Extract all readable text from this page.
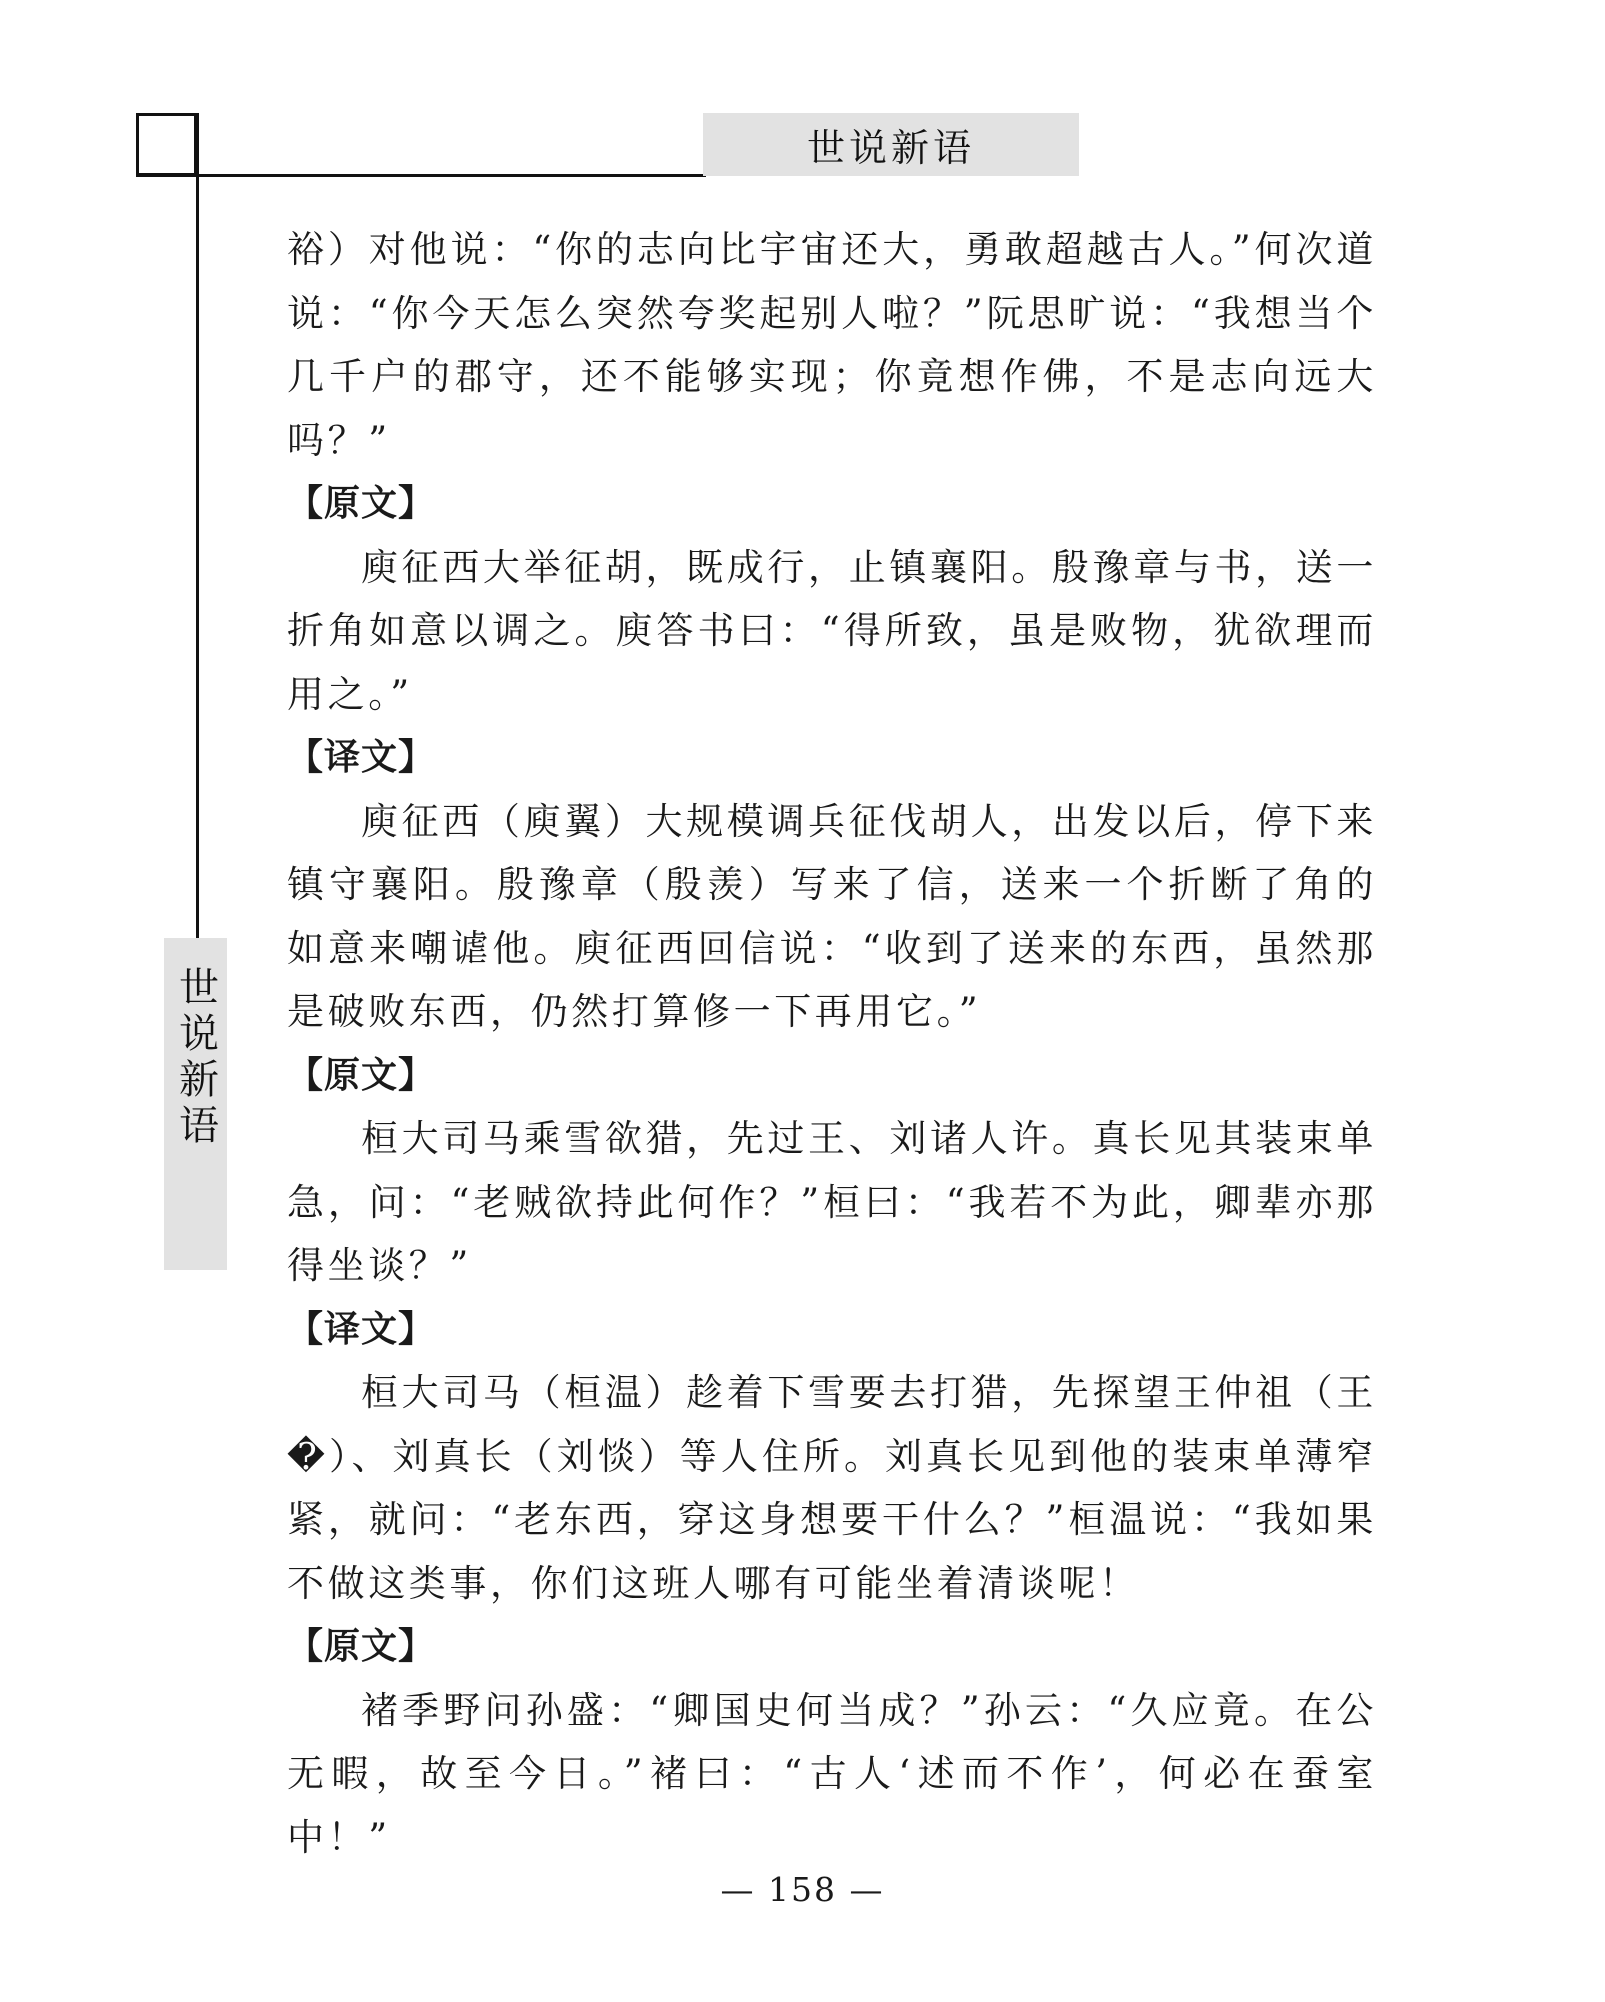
世说新语
世说新语

裕）对他说：“你的志向比宇宙还大，勇敢超越古人。”何次道说：“你今天怎么突然夸奖起别人啦？”阮思旷说：“我想当个几千户的郡守，还不能够实现；你竟想作佛，不是志向远大吗？”

【原文】

庾征西大举征胡，既成行，止镇襄阳。殷豫章与书，送一折角如意以调之。庾答书曰：“得所致，虽是败物，犹欲理而用之。”

【译文】

庾征西（庾翼）大规模调兵征伐胡人，出发以后，停下来镇守襄阳。殷豫章（殷羡）写来了信，送来一个折断了角的如意来嘲谑他。庾征西回信说：“收到了送来的东西，虽然那是破败东西，仍然打算修一下再用它。”

【原文】

桓大司马乘雪欲猎，先过王、刘诸人许。真长见其装束单急，问：“老贼欲持此何作？”桓曰：“我若不为此，卿辈亦那得坐谈？”

【译文】

桓大司马（桓温）趁着下雪要去打猎，先探望王仲祖（王�）、刘真长（刘惔）等人住所。刘真长见到他的装束单薄窄紧，就问：“老东西，穿这身想要干什么？”桓温说：“我如果不做这类事，你们这班人哪有可能坐着清谈呢！

【原文】

褚季野问孙盛：“卿国史何当成？”孙云：“久应竟。在公无暇，故至今日。”褚曰：“古人‘述而不作’，何必在蚕室中！”

— 158 —
